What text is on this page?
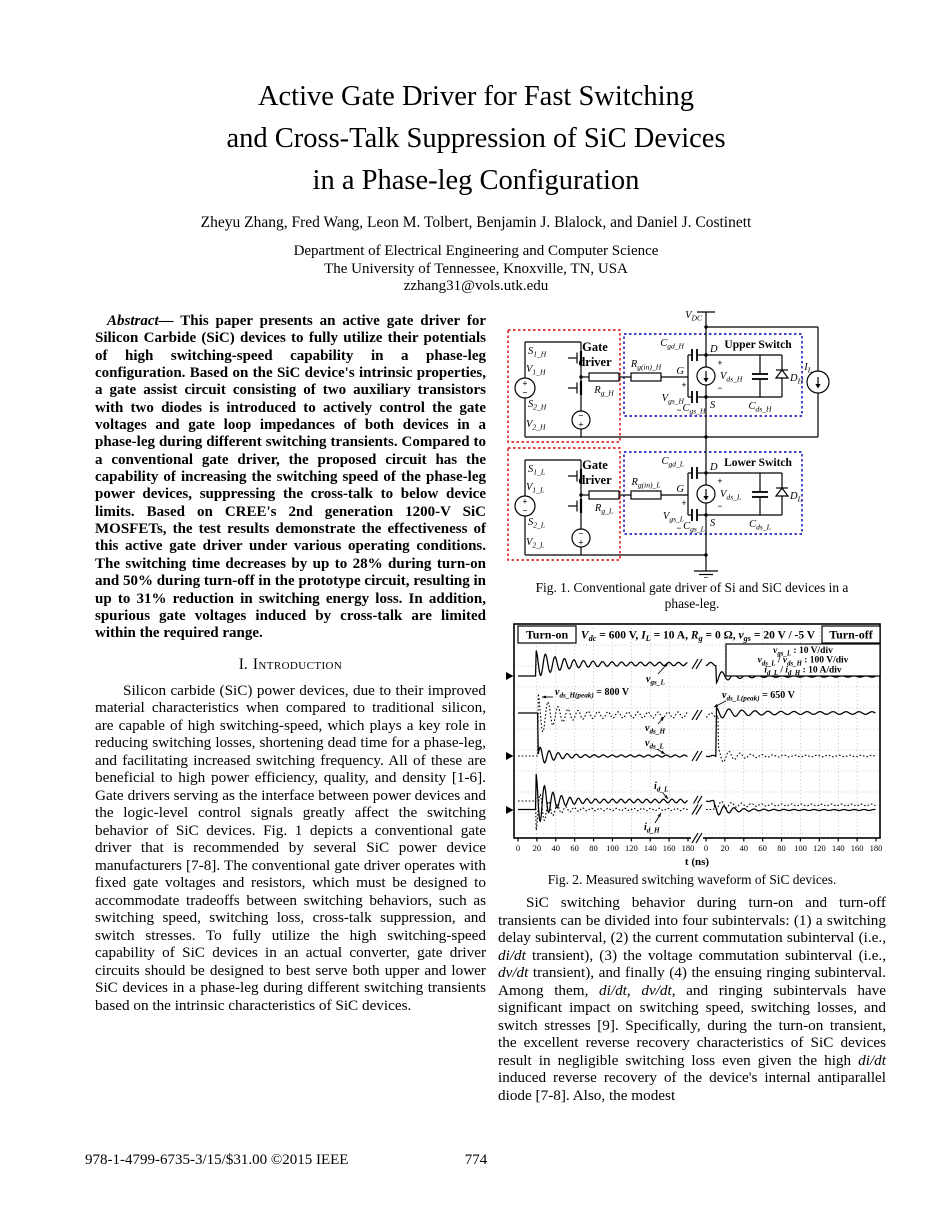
Active Gate Driver for Fast Switching
and Cross-Talk Suppression of SiC Devices
in a Phase-leg Configuration
Zheyu Zhang, Fred Wang, Leon M. Tolbert, Benjamin J. Blalock, and Daniel J. Costinett
Department of Electrical Engineering and Computer Science
The University of Tennessee, Knoxville, TN, USA
zzhang31@vols.utk.edu

Abstract— This paper presents an active gate driver for Silicon Carbide (SiC) devices to fully utilize their potentials of high switching-speed capability in a phase-leg configuration. Based on the SiC device's intrinsic properties, a gate assist circuit consisting of two auxiliary transistors with two diodes is introduced to actively control the gate voltages and gate loop impedances of both devices in a phase-leg during different switching transients. Compared to a conventional gate driver, the proposed circuit has the capability of increasing the switching speed of the phase-leg power devices, suppressing the cross-talk to below device limits. Based on CREE's 2nd generation 1200-V SiC MOSFETs, the test results demonstrate the effectiveness of this active gate driver under various operating conditions. The switching time decreases by up to 28% during turn-on and 50% during turn-off in the prototype circuit, resulting in up to 31% reduction in switching energy loss. In addition, spurious gate voltages induced by cross-talk are limited within the required range.

I. Introduction

Silicon carbide (SiC) power devices, due to their improved material characteristics when compared to traditional silicon, are capable of high switching-speed, which plays a key role in reducing switching losses, shortening dead time for a phase-leg, and facilitating increased switching frequency. All of these are beneficial to high power efficiency, quality, and density [1-6]. Gate drivers serving as the interface between power devices and the logic-level control signals greatly affect the switching behavior of SiC devices. Fig. 1 depicts a conventional gate driver that is recommended by several SiC power device manufacturers [7-8]. The conventional gate driver operates with fixed gate voltages and resistors, which must be designed to accommodate tradeoffs between switching behaviors, such as switching speed, switching loss, cross-talk suppression, and switch stresses. To fully utilize the high switching-speed capability of SiC devices in an actual converter, gate driver circuits should be designed to best serve both upper and lower SiC devices in a phase-leg during different switching transients based on the intrinsic characteristics of SiC devices.

+
−
−
+
+
−
−
+
$V_{DC}$
Gate
driver
Gate
driver
Upper Switch
Lower Switch
$S_{1\_H}$
$V_{1\_H}$
$S_{2\_H}$
$V_{2\_H}$
$R_{g\_H}$
$R_{g(in)\_H}$
$C_{gd\_H}$
$C_{gs\_H}$	$C_{ds\_H}$
G
D
S
+
$V_{ds\_H}$
−
+
$V_{gs\_H}$
−
$D_H$
$I_L$
$S_{1\_L}$
$V_{1\_L}$
$S_{2\_L}$
$V_{2\_L}$
$R_{g\_L}$
$R_{g(in)\_L}$
$C_{gd\_L}$
$C_{gs\_L}$	$C_{ds\_L}$
G
D
S
+
$V_{ds\_L}$
−
+
$V_{gs\_L}$
−
$D_L$
Fig. 1. Conventional gate driver of Si and SiC devices in a phase-leg.
Turn-on	Turn-off
$V_{dc} = 600$ V, $I_L = 10$ A, $R_g = 0$ Ω, $v_{gs} = 20$ V / -5 V
$v_{gs\_L}$ : 10 V/div
$v_{ds\_L} / v_{ds\_H}$ : 100 V/div
$i_{d\_L} / i_{d\_H}$ : 10 A/div
$v_{gs\_L}$
$v_{ds\_H(peak)} = 800$ V	$v_{ds\_L(peak)} = 650$ V
$v_{ds\_H}$
$v_{ds\_L}$
$i_{d\_L}$
$i_{d\_H}$
0	0
20	20
40	40
60	60
80	80
100	100
120	120
140	140
160	160
180	180
t (ns)
Fig. 2. Measured switching waveform of SiC devices.

SiC switching behavior during turn-on and turn-off transients can be divided into four subintervals: (1) a switching delay subinterval, (2) the current commutation subinterval (i.e., di/dt transient), (3) the voltage commutation subinterval (i.e., dv/dt transient), and finally (4) the ensuing ringing subinterval. Among them, di/dt, dv/dt, and ringing subintervals have significant impact on switching speed, switching losses, and switch stresses [9]. Specifically, during the turn-on transient, the excellent reverse recovery characteristics of SiC devices result in negligible switching loss even given the high di/dt induced reverse recovery of the device's internal antiparallel diode [7-8]. Also, the modest

978-1-4799-6735-3/15/$31.00 ©2015 IEEE	774
